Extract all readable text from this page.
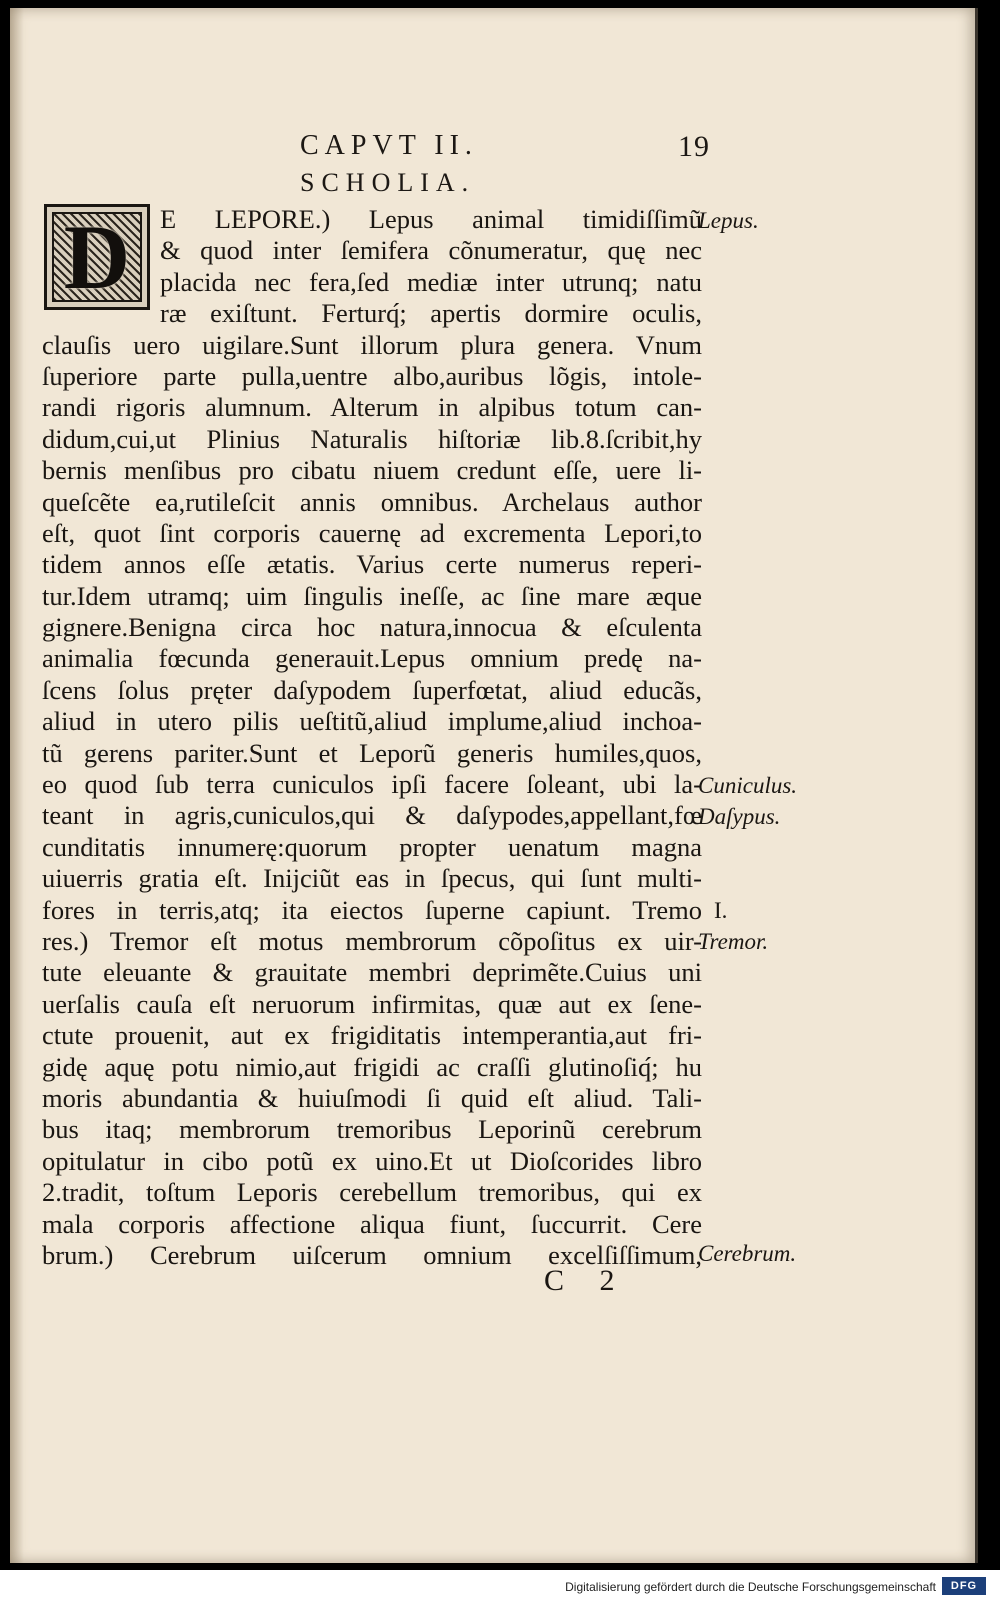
CAPVT II.	19
SCHOLIA.
D	E LEPORE.) Lepus animal timidiſſimũ
& quod inter ſemifera cõnumeratur, quę nec
placida nec fera,ſed mediæ inter utrunq; natu
ræ exiſtunt. Ferturq́; apertis dormire oculis,
clauſis uero uigilare.Sunt illorum plura genera. Vnum
ſuperiore parte pulla,uentre albo,auribus lõgis, intole-
randi rigoris alumnum. Alterum in alpibus totum can-
didum,cui,ut Plinius Naturalis hiſtoriæ lib.8.ſcribit,hy
bernis menſibus pro cibatu niuem credunt eſſe, uere li-
queſcẽte ea,rutileſcit annis omnibus. Archelaus author
eſt, quot ſint corporis cauernę ad excrementa Lepori,to
tidem annos eſſe ætatis. Varius certe numerus reperi-
tur.Idem utramq; uim ſingulis ineſſe, ac ſine mare æque
gignere.Benigna circa hoc natura,innocua & eſculenta
animalia fœcunda generauit.Lepus omnium predę na-
ſcens ſolus pręter daſypodem ſuperfœtat, aliud educãs,
aliud in utero pilis ueſtitũ,aliud implume,aliud inchoa-
tũ gerens pariter.Sunt et Leporũ generis humiles,quos,
eo quod ſub terra cuniculos ipſi facere ſoleant, ubi la-
teant in agris,cuniculos,qui & daſypodes,appellant,fœ
cunditatis innumerę:quorum propter uenatum magna
uiuerris gratia eſt. Inijciũt eas in ſpecus, qui ſunt multi-
fores in terris,atq; ita eiectos ſuperne capiunt. Tremo
res.) Tremor eſt motus membrorum cõpoſitus ex uir-
tute eleuante & grauitate membri deprimẽte.Cuius uni
uerſalis cauſa eſt neruorum infirmitas, quæ aut ex ſene-
ctute prouenit, aut ex frigiditatis intemperantia,aut fri-
gidę aquę potu nimio,aut frigidi ac craſſi glutinoſiq́; hu
moris abundantia & huiuſmodi ſi quid eſt aliud. Tali-
bus itaq; membrorum tremoribus Leporinũ cerebrum
opitulatur in cibo potũ ex uino.Et ut Dioſcorides libro
2.tradit, toſtum Leporis cerebellum tremoribus, qui ex
mala corporis affectione aliqua fiunt, ſuccurrit. Cere
brum.) Cerebrum uiſcerum omnium excelſiſſimum,
Lepus.
Cuniculus.
Daſypus.
I.
Tremor.
Cerebrum.
C 2
Digitalisierung gefördert durch die Deutsche Forschungsgemeinschaft	DFG
